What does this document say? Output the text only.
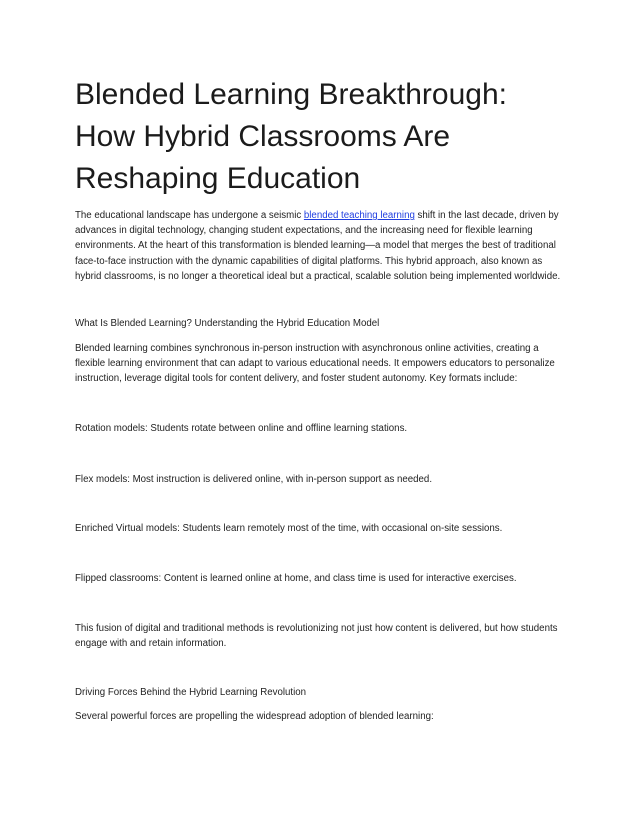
Blended Learning Breakthrough: How Hybrid Classrooms Are Reshaping Education

The educational landscape has undergone a seismic blended teaching learning shift in the last decade, driven by advances in digital technology, changing student expectations, and the increasing need for flexible learning environments. At the heart of this transformation is blended learning—a model that merges the best of traditional face-to-face instruction with the dynamic capabilities of digital platforms. This hybrid approach, also known as hybrid classrooms, is no longer a theoretical ideal but a practical, scalable solution being implemented worldwide.

What Is Blended Learning? Understanding the Hybrid Education Model

Blended learning combines synchronous in-person instruction with asynchronous online activities, creating a flexible learning environment that can adapt to various educational needs. It empowers educators to personalize instruction, leverage digital tools for content delivery, and foster student autonomy. Key formats include:

Rotation models: Students rotate between online and offline learning stations.

Flex models: Most instruction is delivered online, with in-person support as needed.

Enriched Virtual models: Students learn remotely most of the time, with occasional on-site sessions.

Flipped classrooms: Content is learned online at home, and class time is used for interactive exercises.

This fusion of digital and traditional methods is revolutionizing not just how content is delivered, but how students engage with and retain information.

Driving Forces Behind the Hybrid Learning Revolution

Several powerful forces are propelling the widespread adoption of blended learning:
